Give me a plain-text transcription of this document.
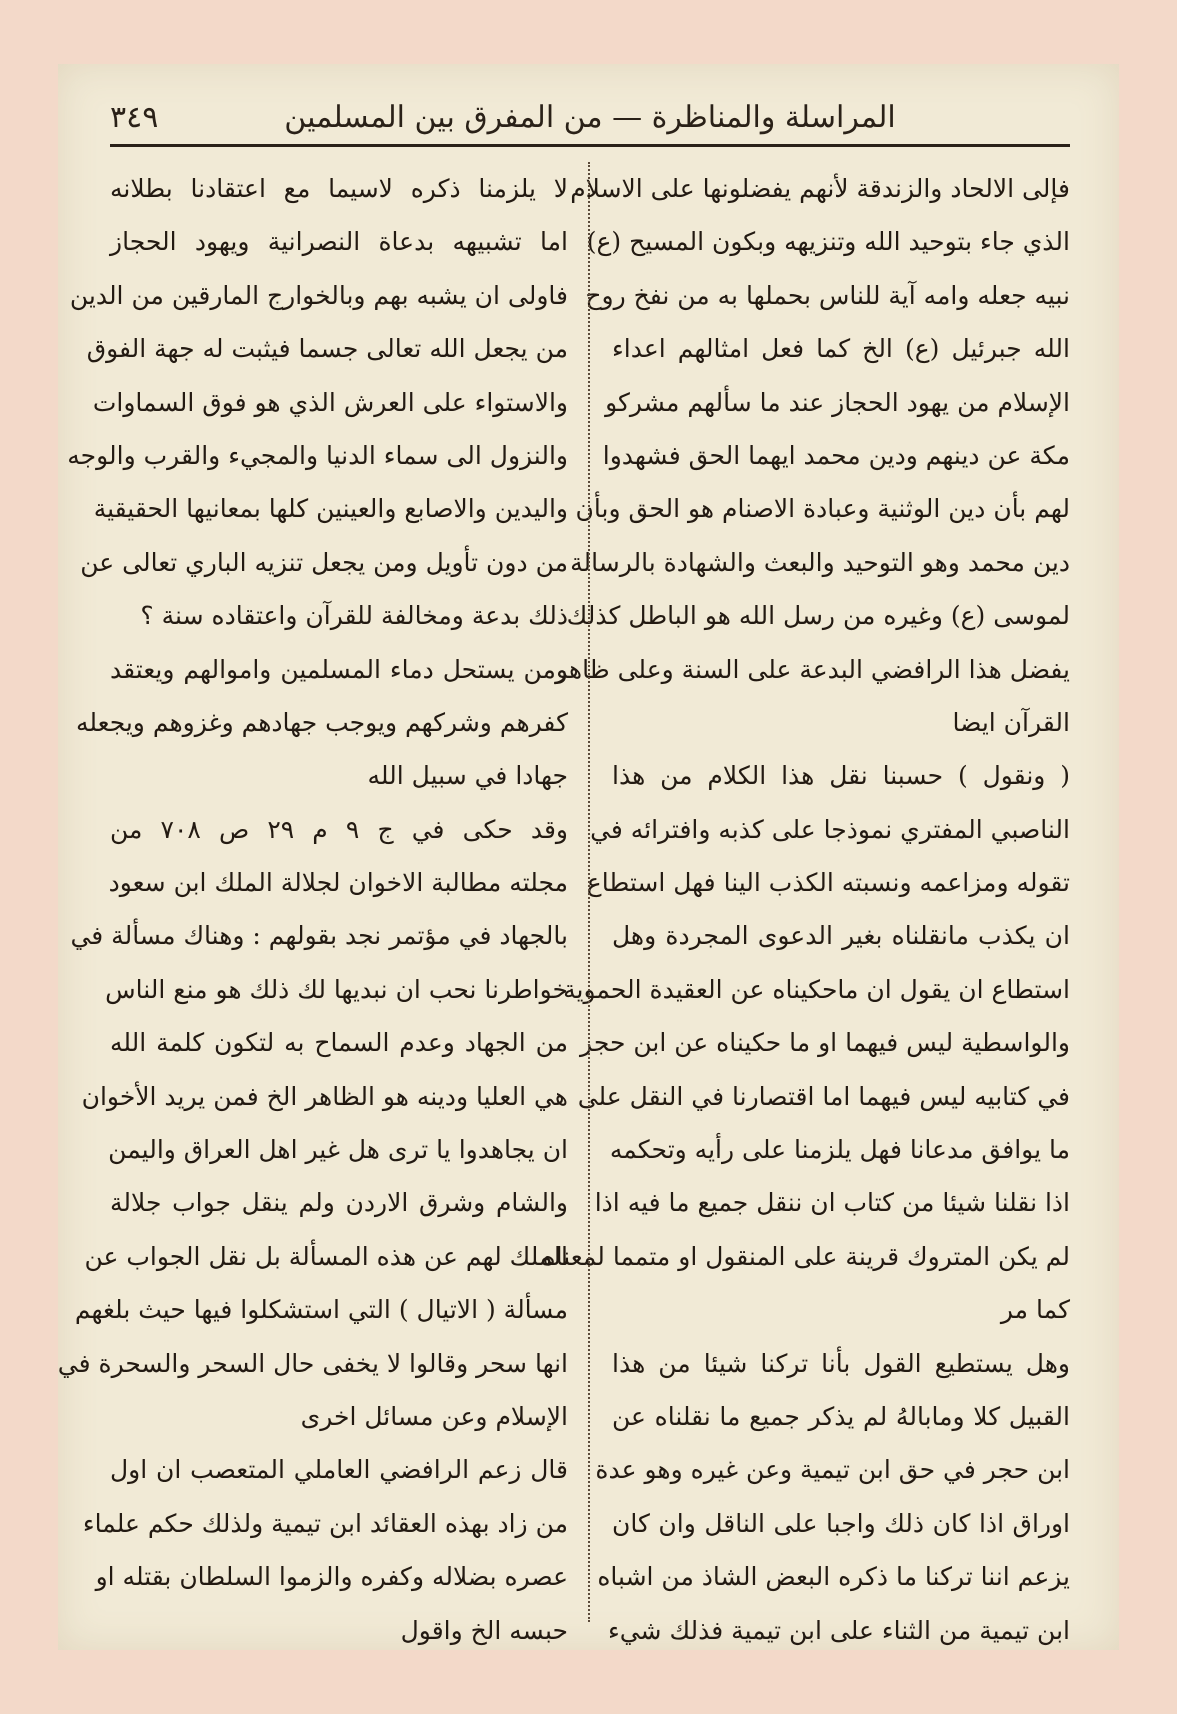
المراسلة والمناظرة — من المفرق بين المسلمين
٣٤٩
فإلى الالحاد والزندقة لأنهم يفضلونها على الاسلام
الذي جاء بتوحيد الله وتنزيهه وبكون المسيح (ع)
نبيه جعله وامه آية للناس بحملها به من نفخ روح
الله جبرئيل (ع) الخ كما فعل امثالهم اعداء
الإسلام من يهود الحجاز عند ما سألهم مشركو
مكة عن دينهم ودين محمد ايهما الحق فشهدوا
لهم بأن دين الوثنية وعبادة الاصنام هو الحق وبأن
دين محمد وهو التوحيد والبعث والشهادة بالرسالة
لموسى (ع) وغيره من رسل الله هو الباطل كذلك
يفضل هذا الرافضي البدعة على السنة وعلى ظاهر
القرآن ايضا
( ونقول ) حسبنا نقل هذا الكلام من هذا
الناصبي المفتري نموذجا على كذبه وافترائه في
تقوله ومزاعمه ونسبته الكذب الينا فهل استطاع
ان يكذب مانقلناه بغير الدعوى المجردة وهل
استطاع ان يقول ان ماحكيناه عن العقيدة الحموية
والواسطية ليس فيهما او ما حكيناه عن ابن حجر
في كتابيه ليس فيهما اما اقتصارنا في النقل على
ما يوافق مدعانا فهل يلزمنا على رأيه وتحكمه
اذا نقلنا شيئا من كتاب ان ننقل جميع ما فيه اذا
لم يكن المتروك قرينة على المنقول او متمما لمعناه
كما مر
وهل يستطيع القول بأنا تركنا شيئا من هذا
القبيل كلا ومابالهُ لم يذكر جميع ما نقلناه عن
ابن حجر في حق ابن تيمية وعن غيره وهو عدة
اوراق اذا كان ذلك واجبا على الناقل وان كان
يزعم اننا تركنا ما ذكره البعض الشاذ من اشباه
ابن تيمية من الثناء على ابن تيمية فذلك شيء
لا يلزمنا ذكره لاسيما مع اعتقادنا بطلانه
اما تشبيهه بدعاة النصرانية ويهود الحجاز
فاولى ان يشبه بهم وبالخوارج المارقين من الدين
من يجعل الله تعالى جسما فيثبت له جهة الفوق
والاستواء على العرش الذي هو فوق السماوات
والنزول الى سماء الدنيا والمجيء والقرب والوجه
واليدين والاصابع والعينين كلها بمعانيها الحقيقية
من دون تأويل ومن يجعل تنزيه الباري تعالى عن
ذلك بدعة ومخالفة للقرآن واعتقاده سنة ؟
ومن يستحل دماء المسلمين واموالهم ويعتقد
كفرهم وشركهم ويوجب جهادهم وغزوهم ويجعله
جهادا في سبيل الله
وقد حكى في ج ٩ م ٢٩ ص ٧٠٨ من
مجلته مطالبة الاخوان لجلالة الملك ابن سعود
بالجهاد في مؤتمر نجد بقولهم : وهناك مسألة في
خواطرنا نحب ان نبديها لك ذلك هو منع الناس
من الجهاد وعدم السماح به لتكون كلمة الله
هي العليا ودينه هو الظاهر الخ فمن يريد الأخوان
ان يجاهدوا يا ترى هل غير اهل العراق واليمن
والشام وشرق الاردن ولم ينقل جواب جلالة
الملك لهم عن هذه المسألة بل نقل الجواب عن
مسألة ( الاتيال ) التي استشكلوا فيها حيث بلغهم
انها سحر وقالوا لا يخفى حال السحر والسحرة في
الإسلام وعن مسائل اخرى
قال زعم الرافضي العاملي المتعصب ان اول
من زاد بهذه العقائد ابن تيمية ولذلك حكم علماء
عصره بضلاله وكفره والزموا السلطان بقتله او
حبسه الخ واقول
